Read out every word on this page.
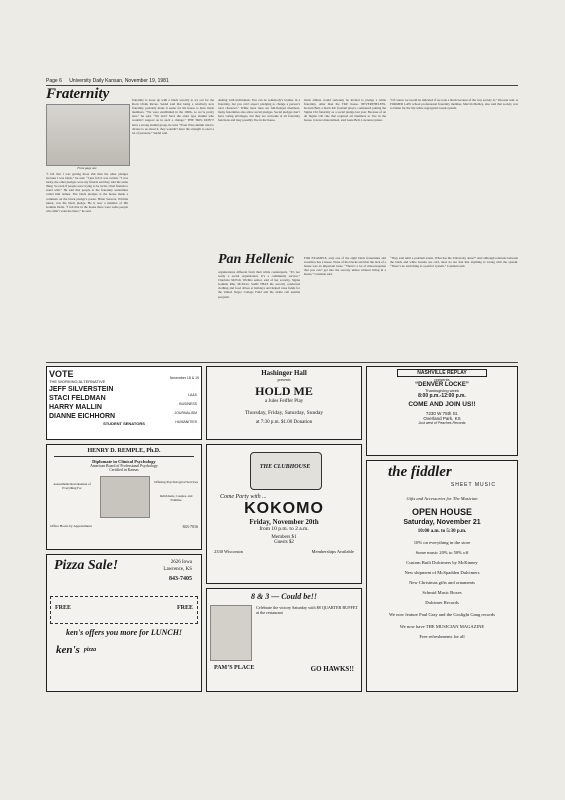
Page 6 University Daily Kansan, November 19, 1981
Fraternity
From page one
“I felt that I was getting more shit than the other pledges because I was black,” he said. “I just felt it was racism. “I was lucky, the other pledges were my friends and they said the same thing. So even if people were trying to be racist, I had friends to stand with.” He said that people at the fraternity sometimes called him names. The black pledges at the house made a comment on the black pledge’s poster. Brian Seevers, Wichita junior, was the black pledge. He is now a member of Phi Gamma Delta. “I felt that in the house there were some people who didn’t want me there,” he said.
fraternity is loose up with a black sorority to try out for the Rock Chalk Revue. Seidel said that being a relatively new fraternity probably made it easier for his house to have black members. “We were established in the 1960s, so we’re pretty new,” he said. “We don’t have the older type alumni who wouldn’t support us in such a change.” THE TKEs DON’T have a strong alumni group, he said. “Even if the alumni tried to dictate to us about it, they wouldn’t have the strength to exert a lot of pressure,” Seidel said.
dealing with individuals. You can be somebody’s brother in a fraternity, but you can’t expect pledging to change a person’s total character.” While most men are full-fledged members, many fraternities also allow social pledges. Social pledges don’t have voting privileges, but they are welcome at all fraternity functions and may possibly live in the house.
black athlete would seriously be invited to pledge a white fraternity, other than the TKE house. NEVERTHELESS, Kerwin Bell, a black KU football player, considered joining the Sigma Chi fraternity as a social pledge last year. Because of an all Sigma Chi rule that required all members to live in the house, it never materialized, said Gene Bell, Lawrence junior.
“Of course we would be ridiculed if we took a black because of the way society is,” Wooster said. A FORMER LAW school professional fraternity member, Marvin Medley, also said that society was to blame for the lily-white segregated Greek system.
Pan Hellenic
organizations different from their white counterparts. “It’s not really a social organization. It’s a community service,” Charlotte McFall, Wichita senior, said of her sorority, Sigma Gamma Rho. McFALL SAID THAT the sorority conducted clothing and food drives at holidays and helped raise funds for the United Negro College Fund and the sickle cell anemia program.
FOR EXAMPLE, only one of the eight black fraternities and sororities has a house. None of the blacks said that the lack of a house was an important issue. “There’s a lot of misconception that you can’t get into the sorority unless without living in a house,” Coleman said.
“They said until a problem exists. What has the University done?” And although relations between the black and white Greeks are cold, most do not feel that anything is wrong with the system. “There’s no such thing as a perfect system,” Coleman said.
VOTE
THE WORKING ALTERNATIVE
November 18 & 19
JEFF SILVERSTEIN
STACI FELDMAN
HARRY MALLIN
DIANNE EICHHORN
LA&S
BUSINESS
JOURNALISM
HUMANITIES
STUDENT SENATORS
Hashinger Hall
presents
HOLD ME
a Jules Feiffer Play
Thursday, Friday, Saturday, Sunday
at 7:30 p.m. $1.00 Donation
NASHVILLE REPLAY
presents
“DENVER LOCKE”
Thanksgiving week
8:00 p.m.-12:00 p.m.
COME AND JOIN US!!
7230 W 75th St.
Overland Park, KS
Just west of Peaches Records
HENRY D. REMPLE, Ph.D.
Diplomate in Clinical Psychology
American Board of Professional Psychology
Certified in Kansas
Assessments Reevaluation of Everything For
Offering Psychological Services
Individuals, Couples, and Families
Office Hours by Appointment	843-7016
THE CLUBHOUSE
Come Party with ...
KOKOMO
Friday, November 20th
from 10 p.m. to 2 a.m.
Members $1
Guests $2
2330 Wisconsin	Memberships Available
the fiddler
SHEET MUSIC
Gifts and Accessories for The Musician
OPEN HOUSE
Saturday, November 21
10:00 a.m. to 5:30 p.m.
10% on everything in the store
Some music 20% to 50% off
Custom Built Dulcimers by McKinney
New shipment of McSpadden Dulcimers
New Christmas gifts and ornaments
Schmid Music Boxes
Dulcimer Records
We now feature Paul Gray and the Goslight Gang records
We now have THE MUSICIAN MAGAZINE
Free refreshments for all
Pizza Sale!	2626 Iowa
Lawrence, KS
843-7405
FREE	FREE
ken's offers you more for LUNCH!
ken's pizza
8 & 3 — Could be!!
Celebrate the victory Saturday with $8 QUARTER BUFFET at the restaurant
PAM’S PLACE	GO HAWKS!!
